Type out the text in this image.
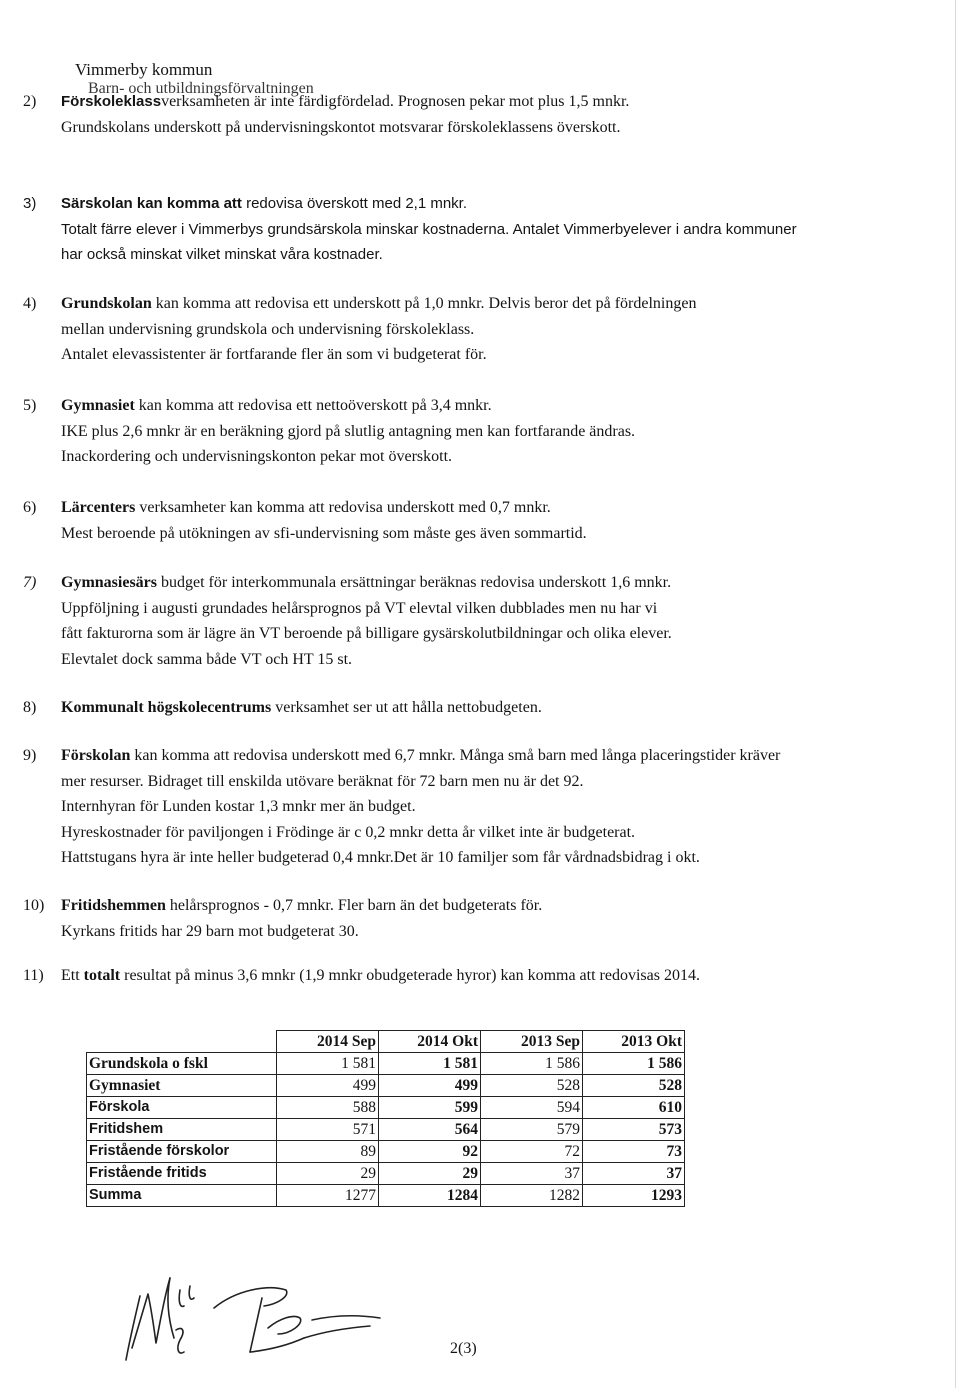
Vimmerby kommun
Barn- och utbildningsförvaltningen
2) Förskoleklassverksamheten är inte färdigfördelad. Prognosen pekar mot plus 1,5 mnkr.
Grundskolans underskott på undervisningskontot motsvarar förskoleklassens överskott.
3) Särskolan kan komma att redovisa överskott med 2,1 mnkr.
Totalt färre elever i Vimmerbys grundsärskola minskar kostnaderna. Antalet Vimmerbyelever i andra kommuner
har också minskat vilket minskat våra kostnader.
4) Grundskolan kan komma att redovisa ett underskott på 1,0 mnkr. Delvis beror det på fördelningen
mellan undervisning grundskola och undervisning förskoleklass.
Antalet elevassistenter är fortfarande fler än som vi budgeterat för.
5) Gymnasiet kan komma att redovisa ett nettoöverskott på 3,4 mnkr.
IKE plus 2,6 mnkr är en beräkning gjord på slutlig antagning men kan fortfarande ändras.
Inackordering och undervisningskonton pekar mot överskott.
6) Lärcenters verksamheter kan komma att redovisa underskott med 0,7 mnkr.
Mest beroende på utökningen av sfi-undervisning som måste ges även sommartid.
7) Gymnasiesärs budget för interkommunala ersättningar beräknas redovisa underskott 1,6 mnkr.
Uppföljning i augusti grundades helårsprognos på VT elevtal vilken dubblades men nu har vi
fått fakturorna som är lägre än VT beroende på billigare gysärskolutbildningar och olika elever.
Elevtalet dock samma både VT och HT 15 st.
8) Kommunalt högskolecentrums verksamhet ser ut att hålla nettobudgeten.
9) Förskolan kan komma att redovisa underskott med 6,7 mnkr. Många små barn med långa placeringstider kräver
mer resurser. Bidraget till enskilda utövare beräknat för 72 barn men nu är det 92.
Internhyran för Lunden kostar 1,3 mnkr mer än budget.
Hyreskostnader för paviljongen i Frödinge är c 0,2 mnkr detta år vilket inte är budgeterat.
Hattstugans hyra är inte heller budgeterad 0,4 mnkr.Det är 10 familjer som får vårdnadsbidrag i okt.
10) Fritidshemmen helårsprognos - 0,7 mnkr. Fler barn än det budgeterats för.
Kyrkans fritids har 29 barn mot budgeterat 30.
11) Ett totalt resultat på minus 3,6 mnkr (1,9 mnkr obudgeterade hyror) kan komma att redovisas 2014.
	2014 Sep	2014 Okt	2013 Sep	2013 Okt
Grundskola o fskl	1 581	1 581	1 586	1 586
Gymnasiet	499	499	528	528
Förskola	588	599	594	610
Fritidshem	571	564	579	573
Fristående förskolor	89	92	72	73
Fristående fritids	29	29	37	37
Summa	1277	1284	1282	1293
2(3)
